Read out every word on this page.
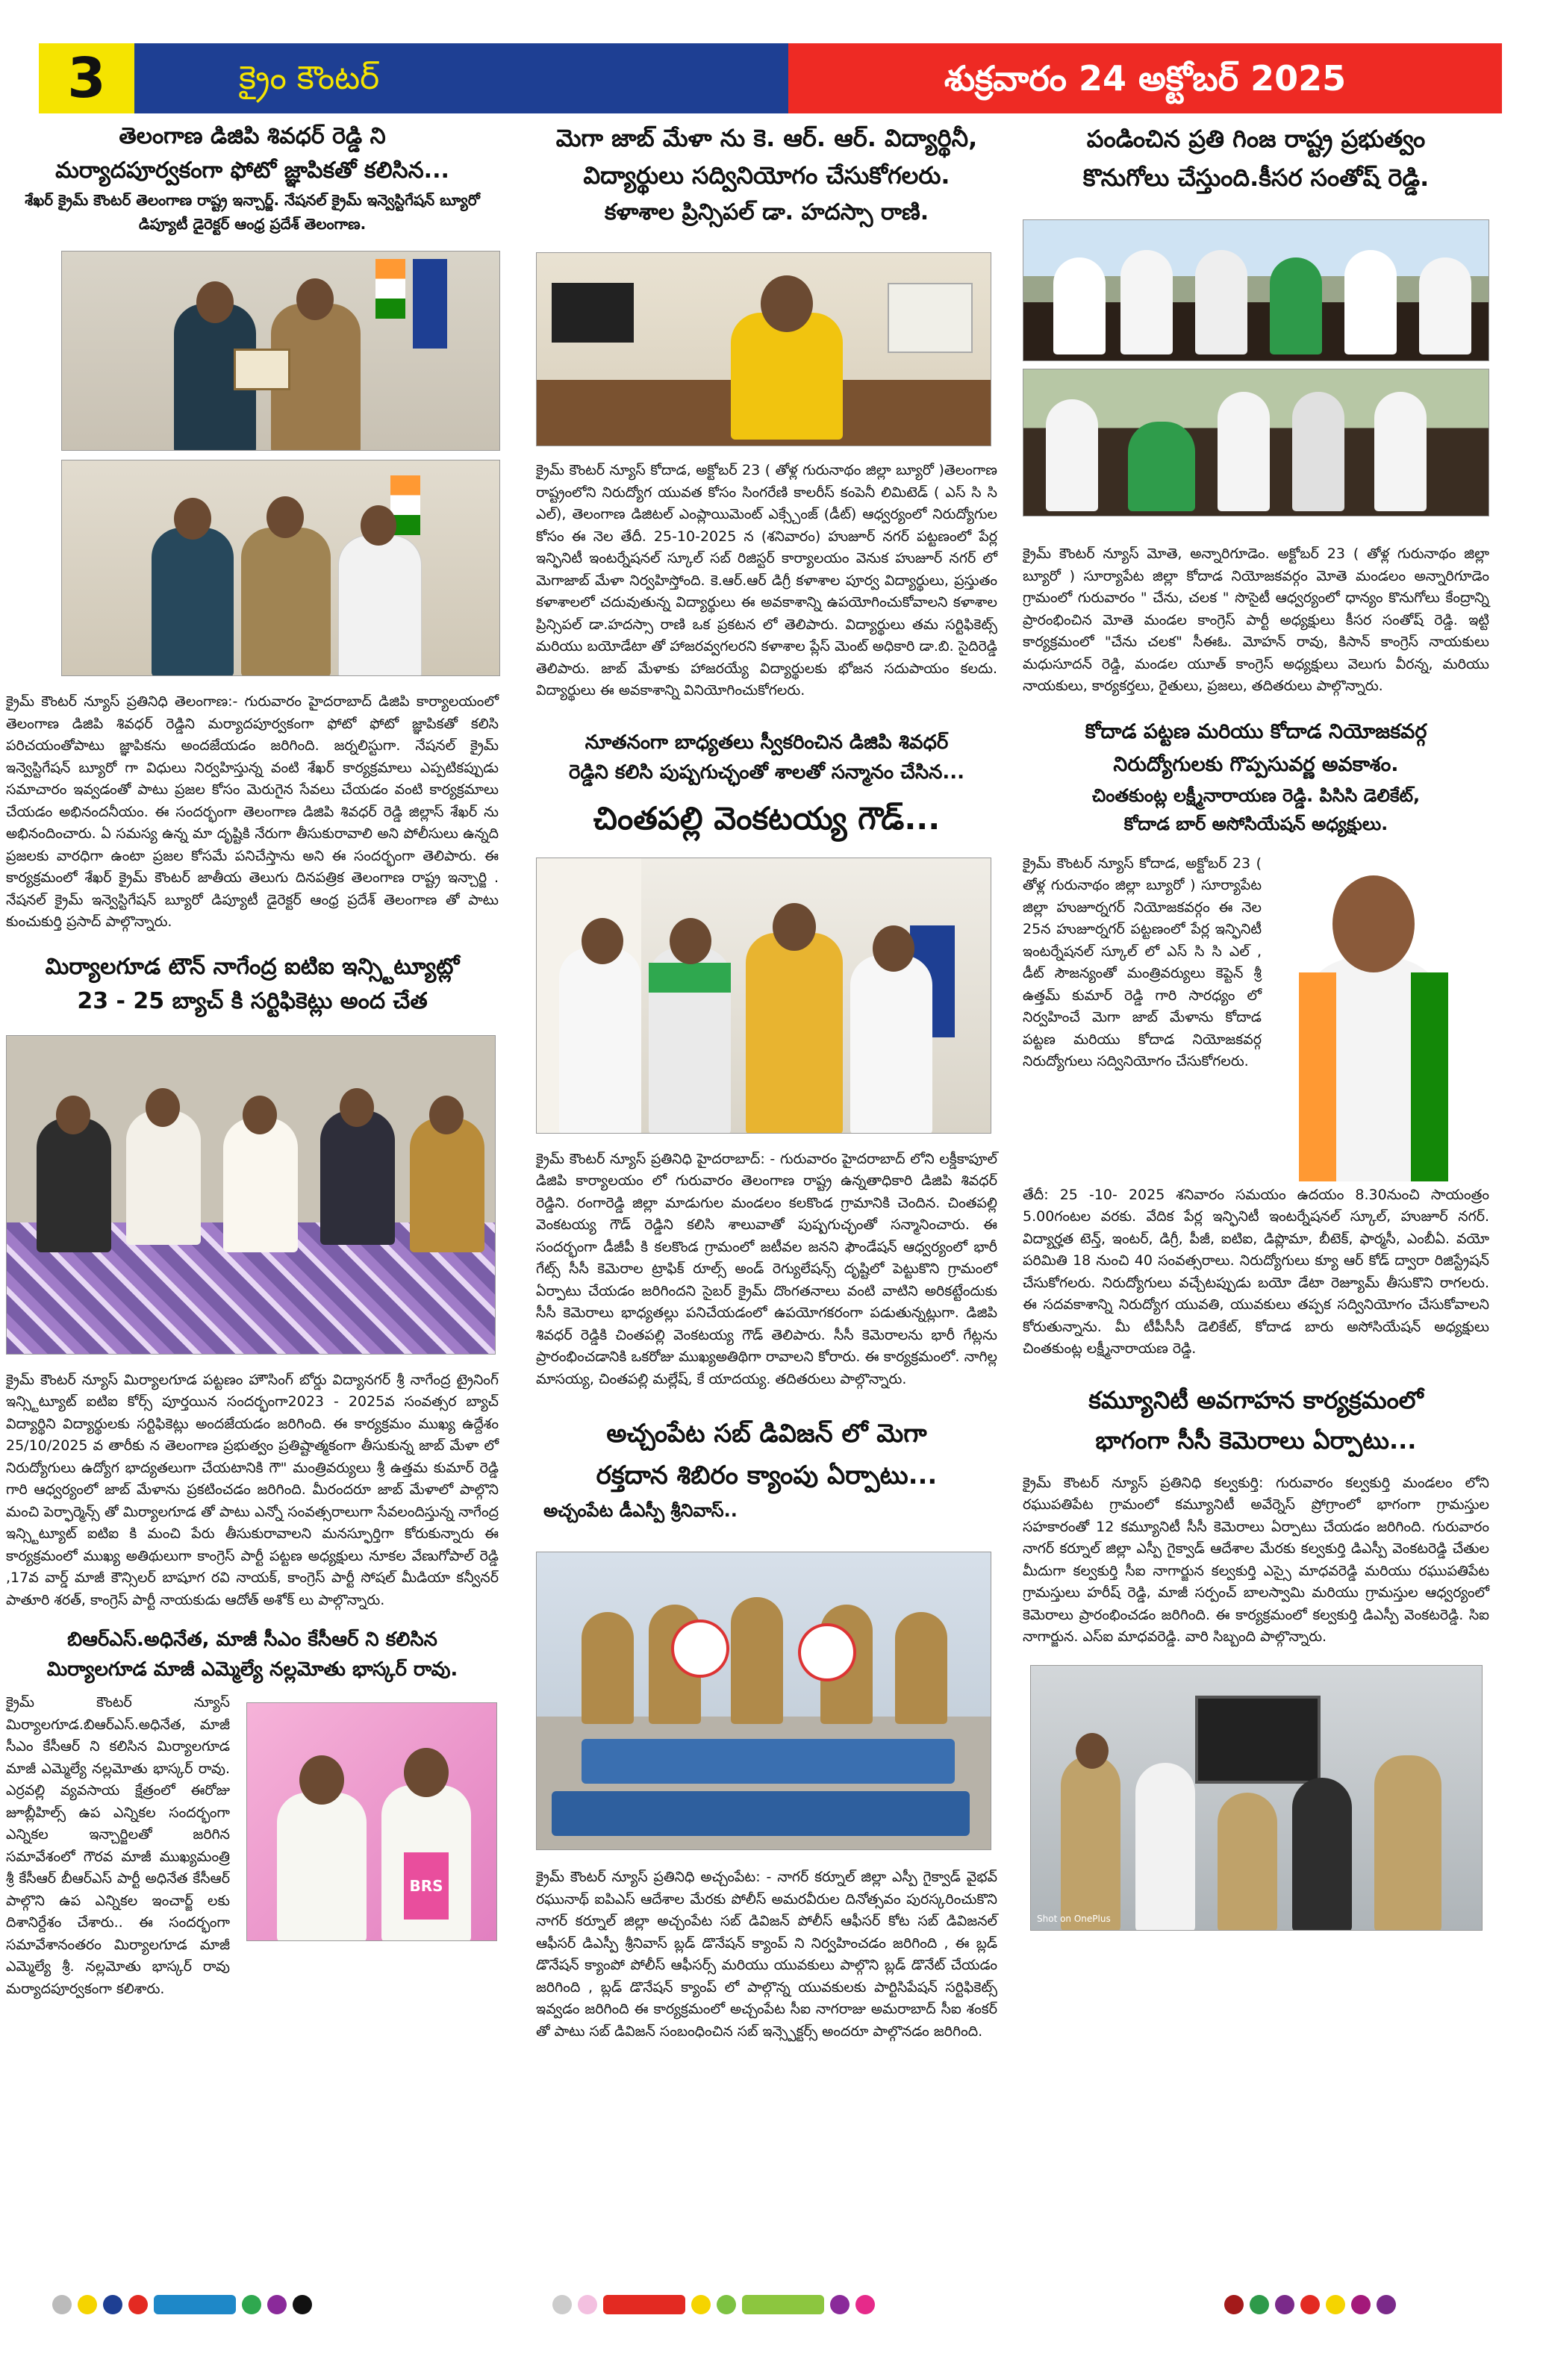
3	క్రైం కౌంటర్	శుక్రవారం 24 అక్టోబర్ 2025

తెలంగాణ డిజిపి శివధర్ రెడ్డి ని

మర్యాదపూర్వకంగా ఫోటో జ్ఞాపికతో కలిసిన...

శేఖర్ క్రైమ్ కౌంటర్ తెలంగాణ రాష్ట్ర ఇన్చార్జ్. నేషనల్ క్రైమ్ ఇన్వెస్టిగేషన్ బ్యూరో డిప్యూటీ డైరెక్టర్ ఆంధ్ర ప్రదేశ్ తెలంగాణ.

క్రైమ్ కౌంటర్ న్యూస్ ప్రతినిధి తెలంగాణ:- గురువారం హైదరాబాద్ డిజిపి కార్యాలయంలో తెలంగాణ డిజిపి శివధర్ రెడ్డిని మర్యాదపూర్వకంగా ఫోటో ఫోటో జ్ఞాపికతో కలిసి పరిచయంతోపాటు జ్ఞాపికను అందజేయడం జరిగింది. జర్నలిస్టుగా. నేషనల్ క్రైమ్ ఇన్వెస్టిగేషన్ బ్యూరో గా విధులు నిర్వహిస్తున్న వంటి శేఖర్ కార్యక్రమాలు ఎప్పటికప్పుడు సమాచారం ఇవ్వడంతో పాటు ప్రజల కోసం మెరుగైన సేవలు చేయడం వంటి కార్యక్రమాలు చేయడం అభినందనీయం. ఈ సందర్భంగా తెలంగాణ డిజిపి శివధర్ రెడ్డి జిల్లాస్ శేఖర్ ను అభినందించారు. ఏ సమస్య ఉన్న మా దృష్టికి నేరుగా తీసుకురావాలి అని పోలీసులు ఉన్నది ప్రజలకు వారధిగా ఉంటా ప్రజల కోసమే పనిచేస్తాను అని ఈ సందర్భంగా తెలిపారు. ఈ కార్యక్రమంలో శేఖర్ క్రైమ్ కౌంటర్ జాతీయ తెలుగు దినపత్రిక తెలంగాణ రాష్ట్ర ఇన్చార్జి . నేషనల్ క్రైమ్ ఇన్వెస్టిగేషన్ బ్యూరో డిప్యూటీ డైరెక్టర్ ఆంధ్ర ప్రదేశ్ తెలంగాణ తో పాటు కుంచుకుర్తి ప్రసాద్ పాల్గొన్నారు.

మిర్యాలగూడ టౌన్ నాగేంద్ర ఐటిఐ ఇన్స్టిట్యూట్లో

23 - 25 బ్యాచ్ కి సర్టిఫికెట్లు అంద చేత

క్రైమ్ కౌంటర్ న్యూస్ మిర్యాలగూడ పట్టణం హౌసింగ్ బోర్డు విద్యానగర్ శ్రీ నాగేంద్ర ట్రైనింగ్ ఇన్స్టిట్యూట్ ఐటిఐ కోర్స్ పూర్తయిన సందర్భంగా2023 - 2025వ సంవత్సర బ్యాచ్ విద్యార్థిని విద్యార్థులకు సర్టిఫికెట్లు అందజేయడం జరిగింది. ఈ కార్యక్రమం ముఖ్య ఉద్దేశం 25/10/2025 వ తారీకు న తెలంగాణ ప్రభుత్వం ప్రతిష్టాత్మకంగా తీసుకున్న జాబ్ మేళా లో నిరుద్యోగులు ఉద్యోగ భాద్యతలుగా చేయటానికి గౌ" మంత్రివర్యులు శ్రీ ఉత్తమ కుమార్ రెడ్డి గారి ఆధ్వర్యంలో జాబ్ మేళాను ప్రకటించడం జరిగింది. మీరందరూ జాబ్ మేళాలో పాల్గొని మంచి పెర్ఫార్మెన్స్ తో మిర్యాలగూడ తో పాటు ఎన్నో సంవత్సరాలుగా సేవలందిస్తున్న నాగేంద్ర ఇన్స్టిట్యూట్ ఐటిఐ కి మంచి పేరు తీసుకురావాలని మనస్ఫూర్తిగా కోరుకున్నారు ఈ కార్యక్రమంలో ముఖ్య అతిథులుగా కాంగ్రెస్ పార్టీ పట్టణ అధ్యక్షులు నూకల వేణుగోపాల్ రెడ్డి ,17వ వార్డ్ మాజీ కౌన్సిలర్ బాషూగ రవి నాయక్, కాంగ్రెస్ పార్టీ సోషల్ మీడియా కన్వీనర్ పాతూరి శరత్, కాంగ్రెస్ పార్టీ నాయకుడు ఆదోత్ అశోక్ లు పాల్గొన్నారు.

బిఆర్ఎస్.అధినేత, మాజీ సీఎం కేసీఆర్ ని కలిసిన

మిర్యాలగూడ మాజీ ఎమ్మెల్యే నల్లమోతు భాస్కర్ రావు.

క్రైమ్ కౌంటర్ న్యూస్ మిర్యాలగూడ.బిఆర్ఎస్.అధినేత, మాజీ సీఎం కేసీఆర్ ని కలిసిన మిర్యాలగూడ మాజీ ఎమ్మెల్యే నల్లమోతు భాస్కర్ రావు. ఎర్రవల్లి వ్యవసాయ క్షేత్రంలో ఈరోజు జూబ్లీహిల్స్ ఉప ఎన్నికల సందర్భంగా ఎన్నికల ఇన్చార్జిలతో జరిగిన సమావేశంలో గౌరవ మాజీ ముఖ్యమంత్రి శ్రీ కేసీఆర్ బీఆర్ఎస్ పార్టీ అధినేత కేసీఆర్ పాల్గొని ఉప ఎన్నికల ఇంచార్జ్ లకు దిశానిర్దేశం చేశారు.. ఈ సందర్భంగా సమావేశానంతరం మిర్యాలగూడ మాజీ ఎమ్మెల్యే శ్రీ. నల్లమోతు భాస్కర్ రావు మర్యాదపూర్వకంగా కలిశారు.

BRS

మెగా జాబ్ మేళా ను కె. ఆర్. ఆర్. విద్యార్థినీ,

విద్యార్థులు సద్వినియోగం చేసుకోగలరు.

కళాశాల ప్రిన్సిపల్ డా. హదస్సా రాణి.

క్రైమ్ కౌంటర్ న్యూస్ కోదాడ, అక్టోబర్ 23 ( తోళ్ల గురునాథం జిల్లా బ్యూరో )తెలంగాణ రాష్ట్రంలోని నిరుద్యోగ యువత కోసం సింగరేణి కాలరీస్ కంపెనీ లిమిటెడ్ ( ఎస్ సి సి ఎల్), తెలంగాణ డిజిటల్ ఎంప్లాయిమెంట్ ఎక్స్చేంజ్ (డీట్) ఆధ్వర్యంలో నిరుద్యోగుల కోసం ఈ నెల తేదీ. 25-10-2025 న (శనివారం) హుజూర్ నగర్ పట్టణంలో పేర్ల ఇన్ఫినిటీ ఇంటర్నేషనల్ స్కూల్ సబ్ రిజిస్టర్ కార్యాలయం వెనుక హుజూర్ నగర్ లో మెగాజాబ్ మేళా నిర్వహిస్తోంది. కె.ఆర్.ఆర్ డిగ్రీ కళాశాల పూర్వ విద్యార్థులు, ప్రస్తుతం కళాశాలలో చదువుతున్న విద్యార్థులు ఈ అవకాశాన్ని ఉపయోగించుకోవాలని కళాశాల ప్రిన్సిపల్ డా.హదస్సా రాణి ఒక ప్రకటన లో తెలిపారు. విద్యార్థులు తమ సర్టిఫికెట్స్ మరియు బయోడేటా తో హాజరవ్వగలరని కళాశాల ప్లేస్ మెంట్ అధికారి డా.బి. సైదిరెడ్డి తెలిపారు. జాబ్ మేళాకు హాజరయ్యే విద్యార్థులకు భోజన సదుపాయం కలదు. విద్యార్థులు ఈ అవకాశాన్ని వినియోగించుకోగలరు.

నూతనంగా బాధ్యతలు స్వీకరించిన డిజిపి శివధర్

రెడ్డిని కలిసి పుష్పగుచ్ఛంతో శాలతో సన్మానం చేసిన...

చింతపల్లి వెంకటయ్య గౌడ్...

క్రైమ్ కౌంటర్ న్యూస్ ప్రతినిధి హైదరాబాద్: - గురువారం హైదరాబాద్ లోని లక్డీకాపూల్ డిజిపి కార్యాలయం లో గురువారం తెలంగాణ రాష్ట్ర ఉన్నతాధికారి డిజిపి శివధర్ రెడ్డిని. రంగారెడ్డి జిల్లా మాడుగుల మండలం కలకొండ గ్రామానికి చెందిన. చింతపల్లి వెంకటయ్య గౌడ్ రెడ్డిని కలిసి శాలువాతో పుష్పగుచ్ఛంతో సన్మానించారు. ఈ సందర్భంగా డీజీపీ కి కలకొండ గ్రామంలో జటీవల జనని ఫౌండేషన్ ఆధ్వర్యంలో భారీ గేట్స్ సీసీ కెమెరాల ట్రాఫిక్ రూల్స్ అండ్ రెగ్యులేషన్స్ దృష్టిలో పెట్టుకొని గ్రామంలో ఏర్పాటు చేయడం జరిగిందని సైబర్ క్రైమ్ దొంగతనాలు వంటి వాటిని అరికట్టేందుకు సీసీ కెమెరాలు భాధ్యతల్లు పనిచేయడంలో ఉపయోగకరంగా పడుతున్నట్లుగా. డిజిపి శివధర్ రెడ్డికి చింతపల్లి వెంకటయ్య గౌడ్ తెలిపారు. సీసీ కెమెరాలను భారీ గేట్లను ప్రారంభించడానికి ఒకరోజు ముఖ్యఅతిథిగా రావాలని కోరారు. ఈ కార్యక్రమంలో. నాగిల్ల మాసయ్య, చింతపల్లి మల్లేష్, కే యాదయ్య. తదితరులు పాల్గొన్నారు.

అచ్చంపేట సబ్ డివిజన్ లో మెగా

రక్తదాన శిబిరం క్యాంపు ఏర్పాటు...

అచ్చంపేట డీఎస్పీ శ్రీనివాస్..

క్రైమ్ కౌంటర్ న్యూస్ ప్రతినిధి అచ్చంపేట: - నాగర్ కర్నూల్ జిల్లా ఎస్పీ గైక్వాడ్ వైభవ్ రఘునాథ్ ఐపిఎస్ ఆదేశాల మేరకు పోలీస్ అమరవీరుల దినోత్సవం పురస్కరించుకొని నాగర్ కర్నూల్ జిల్లా అచ్చంపేట సబ్ డివిజన్ పోలీస్ ఆఫీసర్ కోట సబ్ డివిజనల్ ఆఫీసర్ డిఎస్పీ శ్రీనివాస్ బ్లడ్ డొనేషన్ క్యాంప్ ని నిర్వహించడం జరిగింది , ఈ బ్లడ్ డొనేషన్ క్యాంపో పోలీస్ ఆఫీసర్స్ మరియు యువకులు పాల్గొని బ్లడ్ డొనేట్ చేయడం జరిగింది , బ్లడ్ డొనేషన్ క్యాంప్ లో పాల్గొన్న యువకులకు పార్టిసిపేషన్ సర్టిఫికెట్స్ ఇవ్వడం జరిగింది ఈ కార్యక్రమంలో అచ్చంపేట సీఐ నాగరాజు అమరాబాద్ సీఐ శంకర్ తో పాటు సబ్ డివిజన్ సంబంధించిన సబ్ ఇన్స్పెక్టర్స్ అందరూ పాల్గొనడం జరిగింది.

పండించిన ప్రతి గింజ రాష్ట్ర ప్రభుత్వం

కొనుగోలు చేస్తుంది.కీసర సంతోష్ రెడ్డి.

క్రైమ్ కౌంటర్ న్యూస్ మోతె, అన్నారిగూడెం. అక్టోబర్ 23 ( తోళ్ల గురునాథం జిల్లా బ్యూరో ) సూర్యాపేట జిల్లా కోదాడ నియోజకవర్గం మోతె మండలం అన్నారిగూడెం గ్రామంలో గురువారం " చేను, చలక " సొసైటీ ఆధ్వర్యంలో ధాన్యం కొనుగోలు కేంద్రాన్ని ప్రారంభించిన మోతె మండల కాంగ్రెస్ పార్టీ అధ్యక్షులు కీసర సంతోష్ రెడ్డి. ఇట్టి కార్యక్రమంలో "చేను చలక" సీఈఓ. మోహన్ రావు, కిసాన్ కాంగ్రెస్ నాయకులు మధుసూదన్ రెడ్డి, మండల యూత్ కాంగ్రెస్ అధ్యక్షులు వెలుగు వీరన్న, మరియు నాయకులు, కార్యకర్తలు, రైతులు, ప్రజలు, తదితరులు పాల్గొన్నారు.

కోదాడ పట్టణ మరియు కోదాడ నియోజకవర్గ

నిరుద్యోగులకు గొప్పసువర్ణ అవకాశం.

చింతకుంట్ల లక్ష్మీనారాయణ రెడ్డి. పిసిసి డెలికేట్,

కోదాడ బార్ అసోసియేషన్ అధ్యక్షులు.

క్రైమ్ కౌంటర్ న్యూస్ కోదాడ, అక్టోబర్ 23 ( తోళ్ల గురునాథం జిల్లా బ్యూరో ) సూర్యాపేట జిల్లా హుజూర్నగర్ నియోజకవర్గం ఈ నెల 25న హుజూర్నగర్ పట్టణంలో పేర్ల ఇన్ఫినిటీ ఇంటర్నేషనల్ స్కూల్ లో ఎస్ సి సి ఎల్ , డీట్ సౌజన్యంతో మంత్రివర్యులు కెప్టెన్ శ్రీ ఉత్తమ్ కుమార్ రెడ్డి గారి సారధ్యం లో నిర్వహించే మెగా జాబ్ మేళాను కోదాడ పట్టణ మరియు కోదాడ నియోజకవర్గ నిరుద్యోగులు సద్వినియోగం చేసుకోగలరు.

తేదీ: 25 -10- 2025 శనివారం సమయం ఉదయం 8.30నుంచి సాయంత్రం 5.00గంటల వరకు. వేదిక పేర్ల ఇన్ఫినిటీ ఇంటర్నేషనల్ స్కూల్, హుజూర్ నగర్. విద్యార్హత టెన్త్, ఇంటర్, డిగ్రీ, పీజీ, ఐటిఐ, డిప్లొమా, బీటెక్, ఫార్మసీ, ఎంబీఏ. వయో పరిమితి 18 నుంచి 40 సంవత్సరాలు. నిరుద్యోగులు క్యూ ఆర్ కోడ్ ద్వారా రిజిస్ట్రేషన్ చేసుకోగలరు. నిరుద్యోగులు వచ్చేటప్పుడు బయో డేటా రెజ్యూమ్ తీసుకొని రాగలరు. ఈ సదవకాశాన్ని నిరుద్యోగ యువతి, యువకులు తప్పక సద్వినియోగం చేసుకోవాలని కోరుతున్నాను. మీ టీపీసీసీ డెలికేట్, కోదాడ బారు అసోసియేషన్ అధ్యక్షులు చింతకుంట్ల లక్ష్మీనారాయణ రెడ్డి.

కమ్యూనిటీ అవగాహన కార్యక్రమంలో

భాగంగా సీసీ కెమెరాలు ఏర్పాటు...

క్రైమ్ కౌంటర్ న్యూస్ ప్రతినిధి కల్వకుర్తి: గురువారం కల్వకుర్తి మండలం లోని రఘుపతిపేట గ్రామంలో కమ్యూనిటీ అవేర్నెస్ ప్రోగ్రాంలో భాగంగా గ్రామస్తుల సహకారంతో 12 కమ్యూనిటీ సీసీ కెమెరాలు ఏర్పాటు చేయడం జరిగింది. గురువారం నాగర్ కర్నూల్ జిల్లా ఎస్పీ గైక్వాడ్ ఆదేశాల మేరకు కల్వకుర్తి డిఎస్పీ వెంకటరెడ్డి చేతుల మీదుగా కల్వకుర్తి సీఐ నాగార్జున కల్వకుర్తి ఎస్సై మాధవరెడ్డి మరియు రఘుపతిపేట గ్రామస్తులు హరీష్ రెడ్డి, మాజీ సర్పంచ్ బాలస్వామి మరియు గ్రామస్తుల ఆధ్వర్యంలో కెమెరాలు ప్రారంభించడం జరిగింది. ఈ కార్యక్రమంలో కల్వకుర్తి డిఎస్పీ వెంకటరెడ్డి. సిఐ నాగార్జున. ఎస్ఐ మాధవరెడ్డి. వారి సిబ్బంది పాల్గొన్నారు.

Shot on OnePlus
